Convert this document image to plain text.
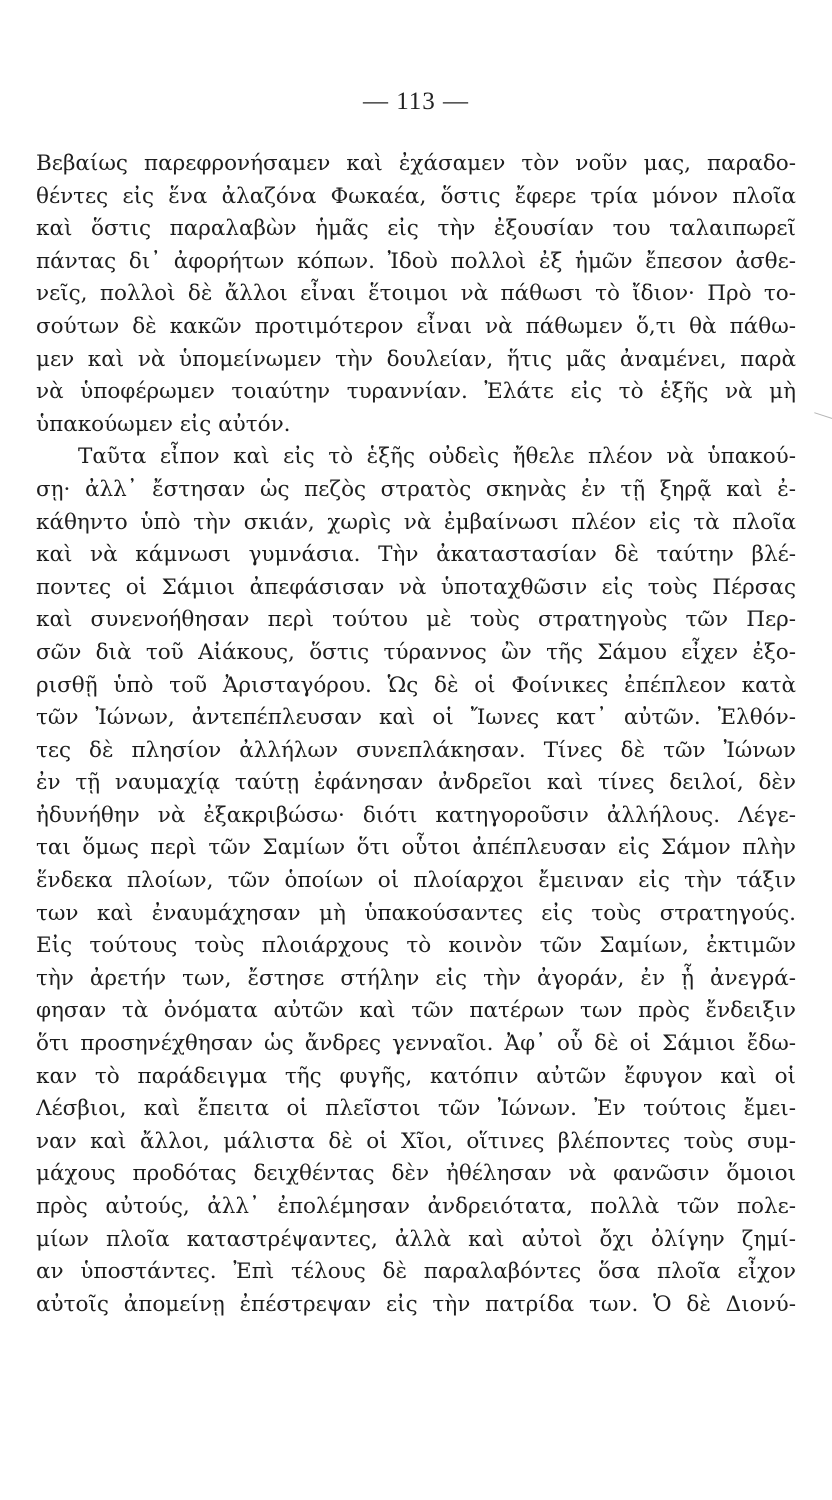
— 113 —
Βεβαίως παρεφρονήσαμεν καὶ ἐχάσαμεν τὸν νοῦν μας, παραδο-
θέντες εἰς ἕνα ἀλαζόνα Φωκαέα, ὅστις ἔφερε τρία μόνον πλοῖα
καὶ ὅστις παραλαβὼν ἡμᾶς εἰς τὴν ἐξουσίαν του ταλαιπωρεῖ
πάντας δι᾽ ἀφορήτων κόπων. Ἰδοὺ πολλοὶ ἐξ ἡμῶν ἔπεσον ἀσθε-
νεῖς, πολλοὶ δὲ ἄλλοι εἶναι ἕτοιμοι νὰ πάθωσι τὸ ἴδιον· Πρὸ το-
σούτων δὲ κακῶν προτιμότερον εἶναι νὰ πάθωμεν ὅ,τι θὰ πάθω-
μεν καὶ νὰ ὑπομείνωμεν τὴν δουλείαν, ἥτις μᾶς ἀναμένει, παρὰ
νὰ ὑποφέρωμεν τοιαύτην τυραννίαν. Ἐλάτε εἰς τὸ ἑξῆς νὰ μὴ
ὑπακούωμεν εἰς αὐτόν.
Ταῦτα εἶπον καὶ εἰς τὸ ἑξῆς οὐδεὶς ἤθελε πλέον νὰ ὑπακού-
σῃ· ἀλλ᾽ ἔστησαν ὡς πεζὸς στρατὸς σκηνὰς ἐν τῇ ξηρᾷ καὶ ἐ-
κάθηντο ὑπὸ τὴν σκιάν, χωρὶς νὰ ἐμβαίνωσι πλέον εἰς τὰ πλοῖα
καὶ νὰ κάμνωσι γυμνάσια. Τὴν ἀκαταστασίαν δὲ ταύτην βλέ-
ποντες οἱ Σάμιοι ἀπεφάσισαν νὰ ὑποταχθῶσιν εἰς τοὺς Πέρσας
καὶ συνενοήθησαν περὶ τούτου μὲ τοὺς στρατηγοὺς τῶν Περ-
σῶν διὰ τοῦ Αἰάκους, ὅστις τύραννος ὢν τῆς Σάμου εἶχεν ἐξο-
ρισθῇ ὑπὸ τοῦ Ἀρισταγόρου. Ὡς δὲ οἱ Φοίνικες ἐπέπλεον κατὰ
τῶν Ἰώνων, ἀντεπέπλευσαν καὶ οἱ Ἴωνες κατ᾽ αὐτῶν. Ἐλθόν-
τες δὲ πλησίον ἀλλήλων συνεπλάκησαν. Τίνες δὲ τῶν Ἰώνων
ἐν τῇ ναυμαχίᾳ ταύτῃ ἐφάνησαν ἀνδρεῖοι καὶ τίνες δειλοί, δὲν
ἠδυνήθην νὰ ἐξακριβώσω· διότι κατηγοροῦσιν ἀλλήλους. Λέγε-
ται ὅμως περὶ τῶν Σαμίων ὅτι οὗτοι ἀπέπλευσαν εἰς Σάμον πλὴν
ἕνδεκα πλοίων, τῶν ὁποίων οἱ πλοίαρχοι ἔμειναν εἰς τὴν τάξιν
των καὶ ἐναυμάχησαν μὴ ὑπακούσαντες εἰς τοὺς στρατηγούς.
Εἰς τούτους τοὺς πλοιάρχους τὸ κοινὸν τῶν Σαμίων, ἐκτιμῶν
τὴν ἀρετήν των, ἔστησε στήλην εἰς τὴν ἀγοράν, ἐν ᾗ ἀνεγρά-
φησαν τὰ ὀνόματα αὐτῶν καὶ τῶν πατέρων των πρὸς ἔνδειξιν
ὅτι προσηνέχθησαν ὡς ἄνδρες γενναῖοι. Ἀφ᾽ οὗ δὲ οἱ Σάμιοι ἔδω-
καν τὸ παράδειγμα τῆς φυγῆς, κατόπιν αὐτῶν ἔφυγον καὶ οἱ
Λέσβιοι, καὶ ἔπειτα οἱ πλεῖστοι τῶν Ἰώνων. Ἐν τούτοις ἔμει-
ναν καὶ ἄλλοι, μάλιστα δὲ οἱ Χῖοι, οἵτινες βλέποντες τοὺς συμ-
μάχους προδότας δειχθέντας δὲν ἠθέλησαν νὰ φανῶσιν ὅμοιοι
πρὸς αὐτούς, ἀλλ᾽ ἐπολέμησαν ἀνδρειότατα, πολλὰ τῶν πολε-
μίων πλοῖα καταστρέψαντες, ἀλλὰ καὶ αὐτοὶ ὄχι ὀλίγην ζημί-
αν ὑποστάντες. Ἐπὶ τέλους δὲ παραλαβόντες ὅσα πλοῖα εἶχον
αὐτοῖς ἀπομείνῃ ἐπέστρεψαν εἰς τὴν πατρίδα των. Ὁ δὲ Διονύ-
